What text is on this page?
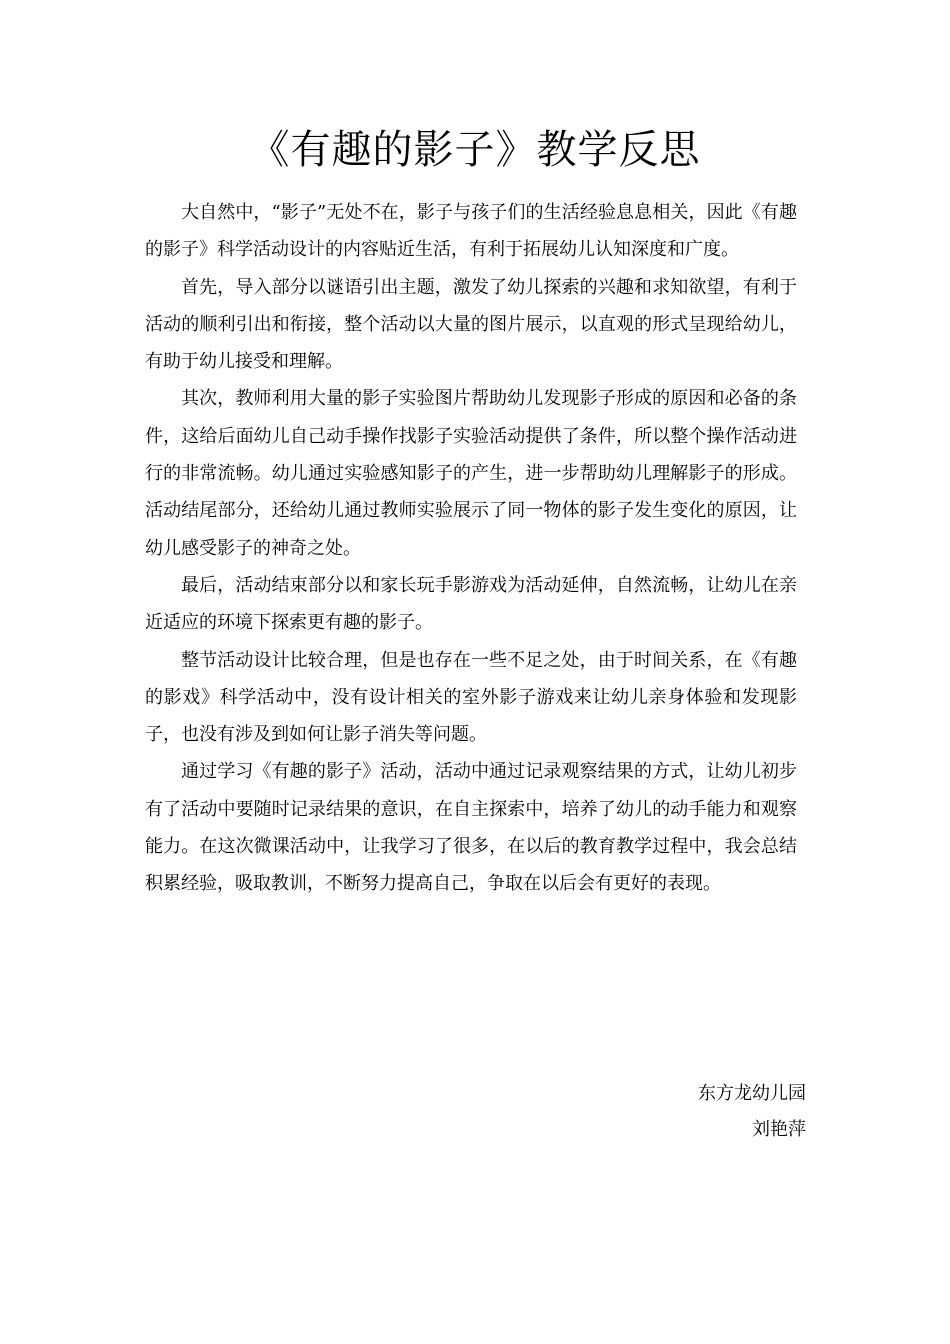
《有趣的影子》教学反思

大自然中，“影子”无处不在，影子与孩子们的生活经验息息相关，因此《有趣的影子》科学活动设计的内容贴近生活，有利于拓展幼儿认知深度和广度。

首先，导入部分以谜语引出主题，激发了幼儿探索的兴趣和求知欲望，有利于活动的顺利引出和衔接，整个活动以大量的图片展示，以直观的形式呈现给幼儿，有助于幼儿接受和理解。

其次，教师利用大量的影子实验图片帮助幼儿发现影子形成的原因和必备的条件，这给后面幼儿自己动手操作找影子实验活动提供了条件，所以整个操作活动进行的非常流畅。幼儿通过实验感知影子的产生，进一步帮助幼儿理解影子的形成。活动结尾部分，还给幼儿通过教师实验展示了同一物体的影子发生变化的原因，让幼儿感受影子的神奇之处。

最后，活动结束部分以和家长玩手影游戏为活动延伸，自然流畅，让幼儿在亲近适应的环境下探索更有趣的影子。

整节活动设计比较合理，但是也存在一些不足之处，由于时间关系，在《有趣的影戏》科学活动中，没有设计相关的室外影子游戏来让幼儿亲身体验和发现影子，也没有涉及到如何让影子消失等问题。

通过学习《有趣的影子》活动，活动中通过记录观察结果的方式，让幼儿初步有了活动中要随时记录结果的意识，在自主探索中，培养了幼儿的动手能力和观察能力。在这次微课活动中，让我学习了很多，在以后的教育教学过程中，我会总结积累经验，吸取教训，不断努力提高自己，争取在以后会有更好的表现。

东方龙幼儿园
刘艳萍
